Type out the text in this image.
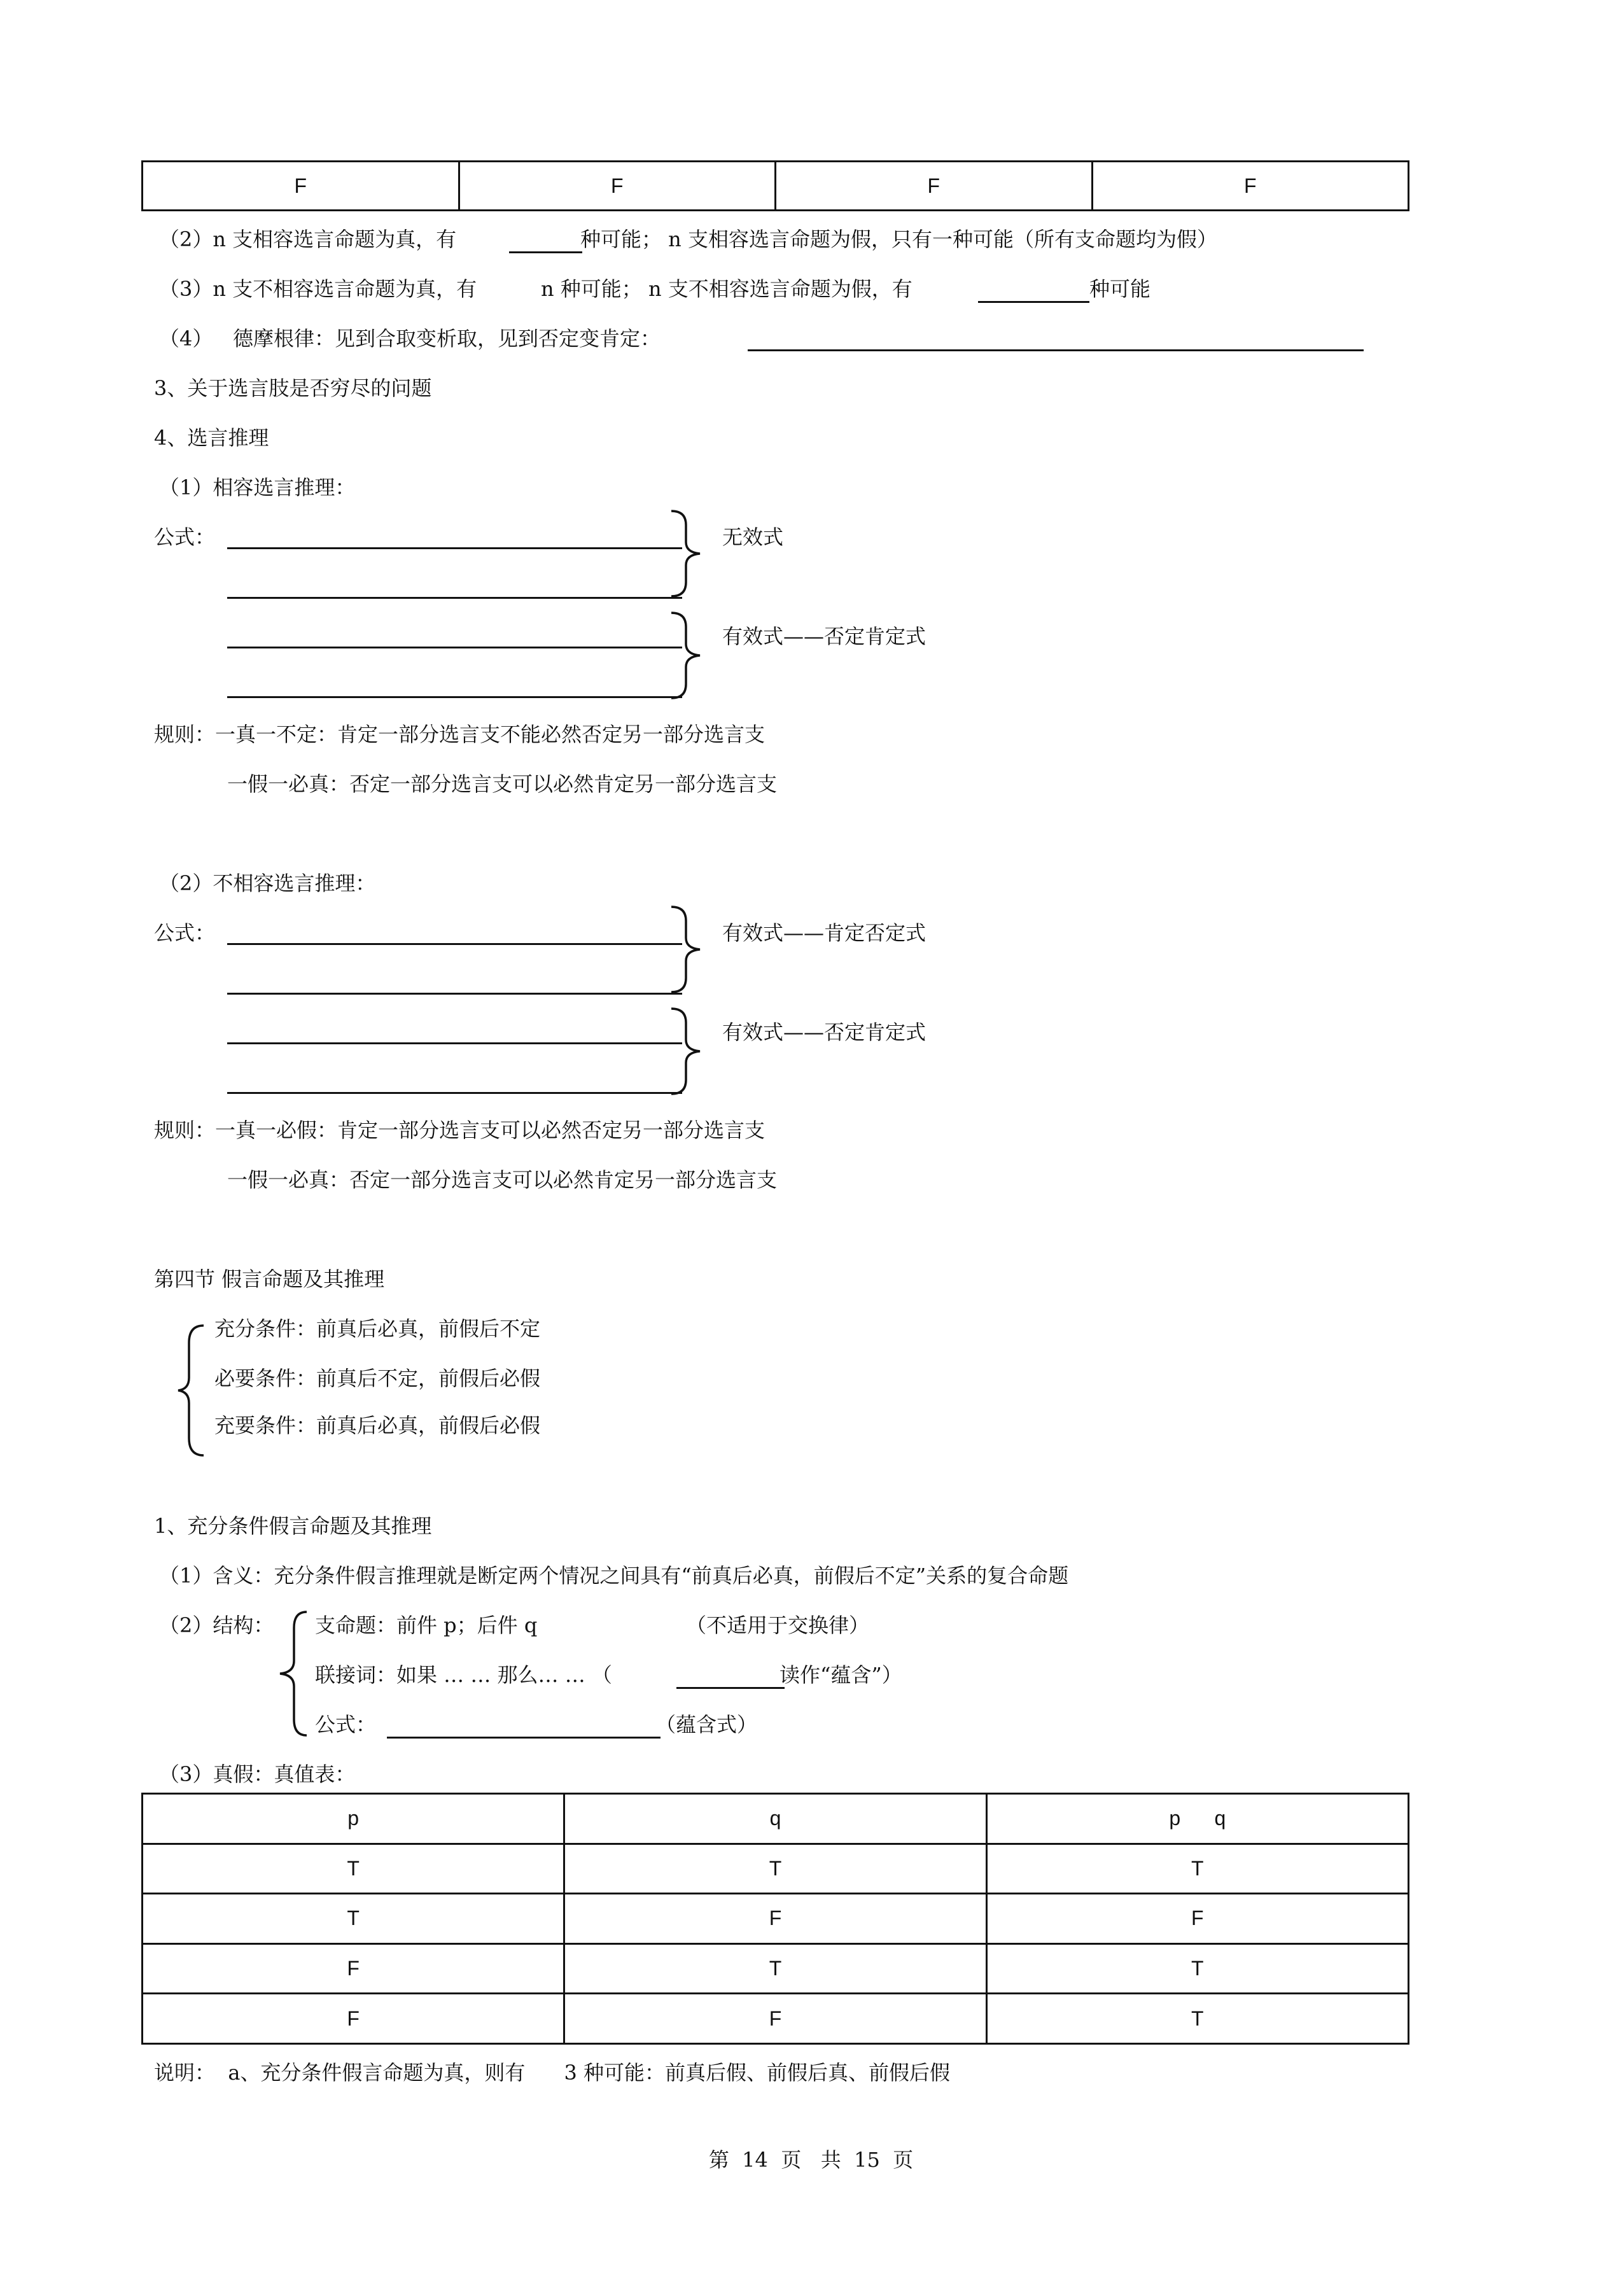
F	F	F	F
（2）n 支相容选言命题为真，有	种可能； n 支相容选言命题为假，只有一种可能（所有支命题均为假）
（3）n 支不相容选言命题为真，有	n 种可能； n 支不相容选言命题为假，有	种可能
（4） 德摩根律：见到合取变析取，见到否定变肯定：
3、关于选言肢是否穷尽的问题
4、选言推理
（1）相容选言推理：
公式：	无效式
有效式——否定肯定式
规则：一真一不定：肯定一部分选言支不能必然否定另一部分选言支
一假一必真：否定一部分选言支可以必然肯定另一部分选言支
（2）不相容选言推理：
公式：	有效式——肯定否定式
有效式——否定肯定式
规则：一真一必假：肯定一部分选言支可以必然否定另一部分选言支
一假一必真：否定一部分选言支可以必然肯定另一部分选言支
第四节 假言命题及其推理
充分条件：前真后必真，前假后不定
必要条件：前真后不定，前假后必假
充要条件：前真后必真，前假后必假
1、充分条件假言命题及其推理
（1）含义：充分条件假言推理就是断定两个情况之间具有“前真后必真，前假后不定”关系的复合命题
（2）结构： 支命题：前件 p；后件 q	（不适用于交换律）
联接词：如果 … … 那么… … （	读作“蕴含”）
公式：	（蕴含式）
（3）真假：真值表：
p	q	p      q
T	T	T
T	F	F
F	T	T
F	F	T
说明：  a、充分条件假言命题为真，则有      3 种可能：前真后假、前假后真、前假后假
第  14  页   共  15  页
